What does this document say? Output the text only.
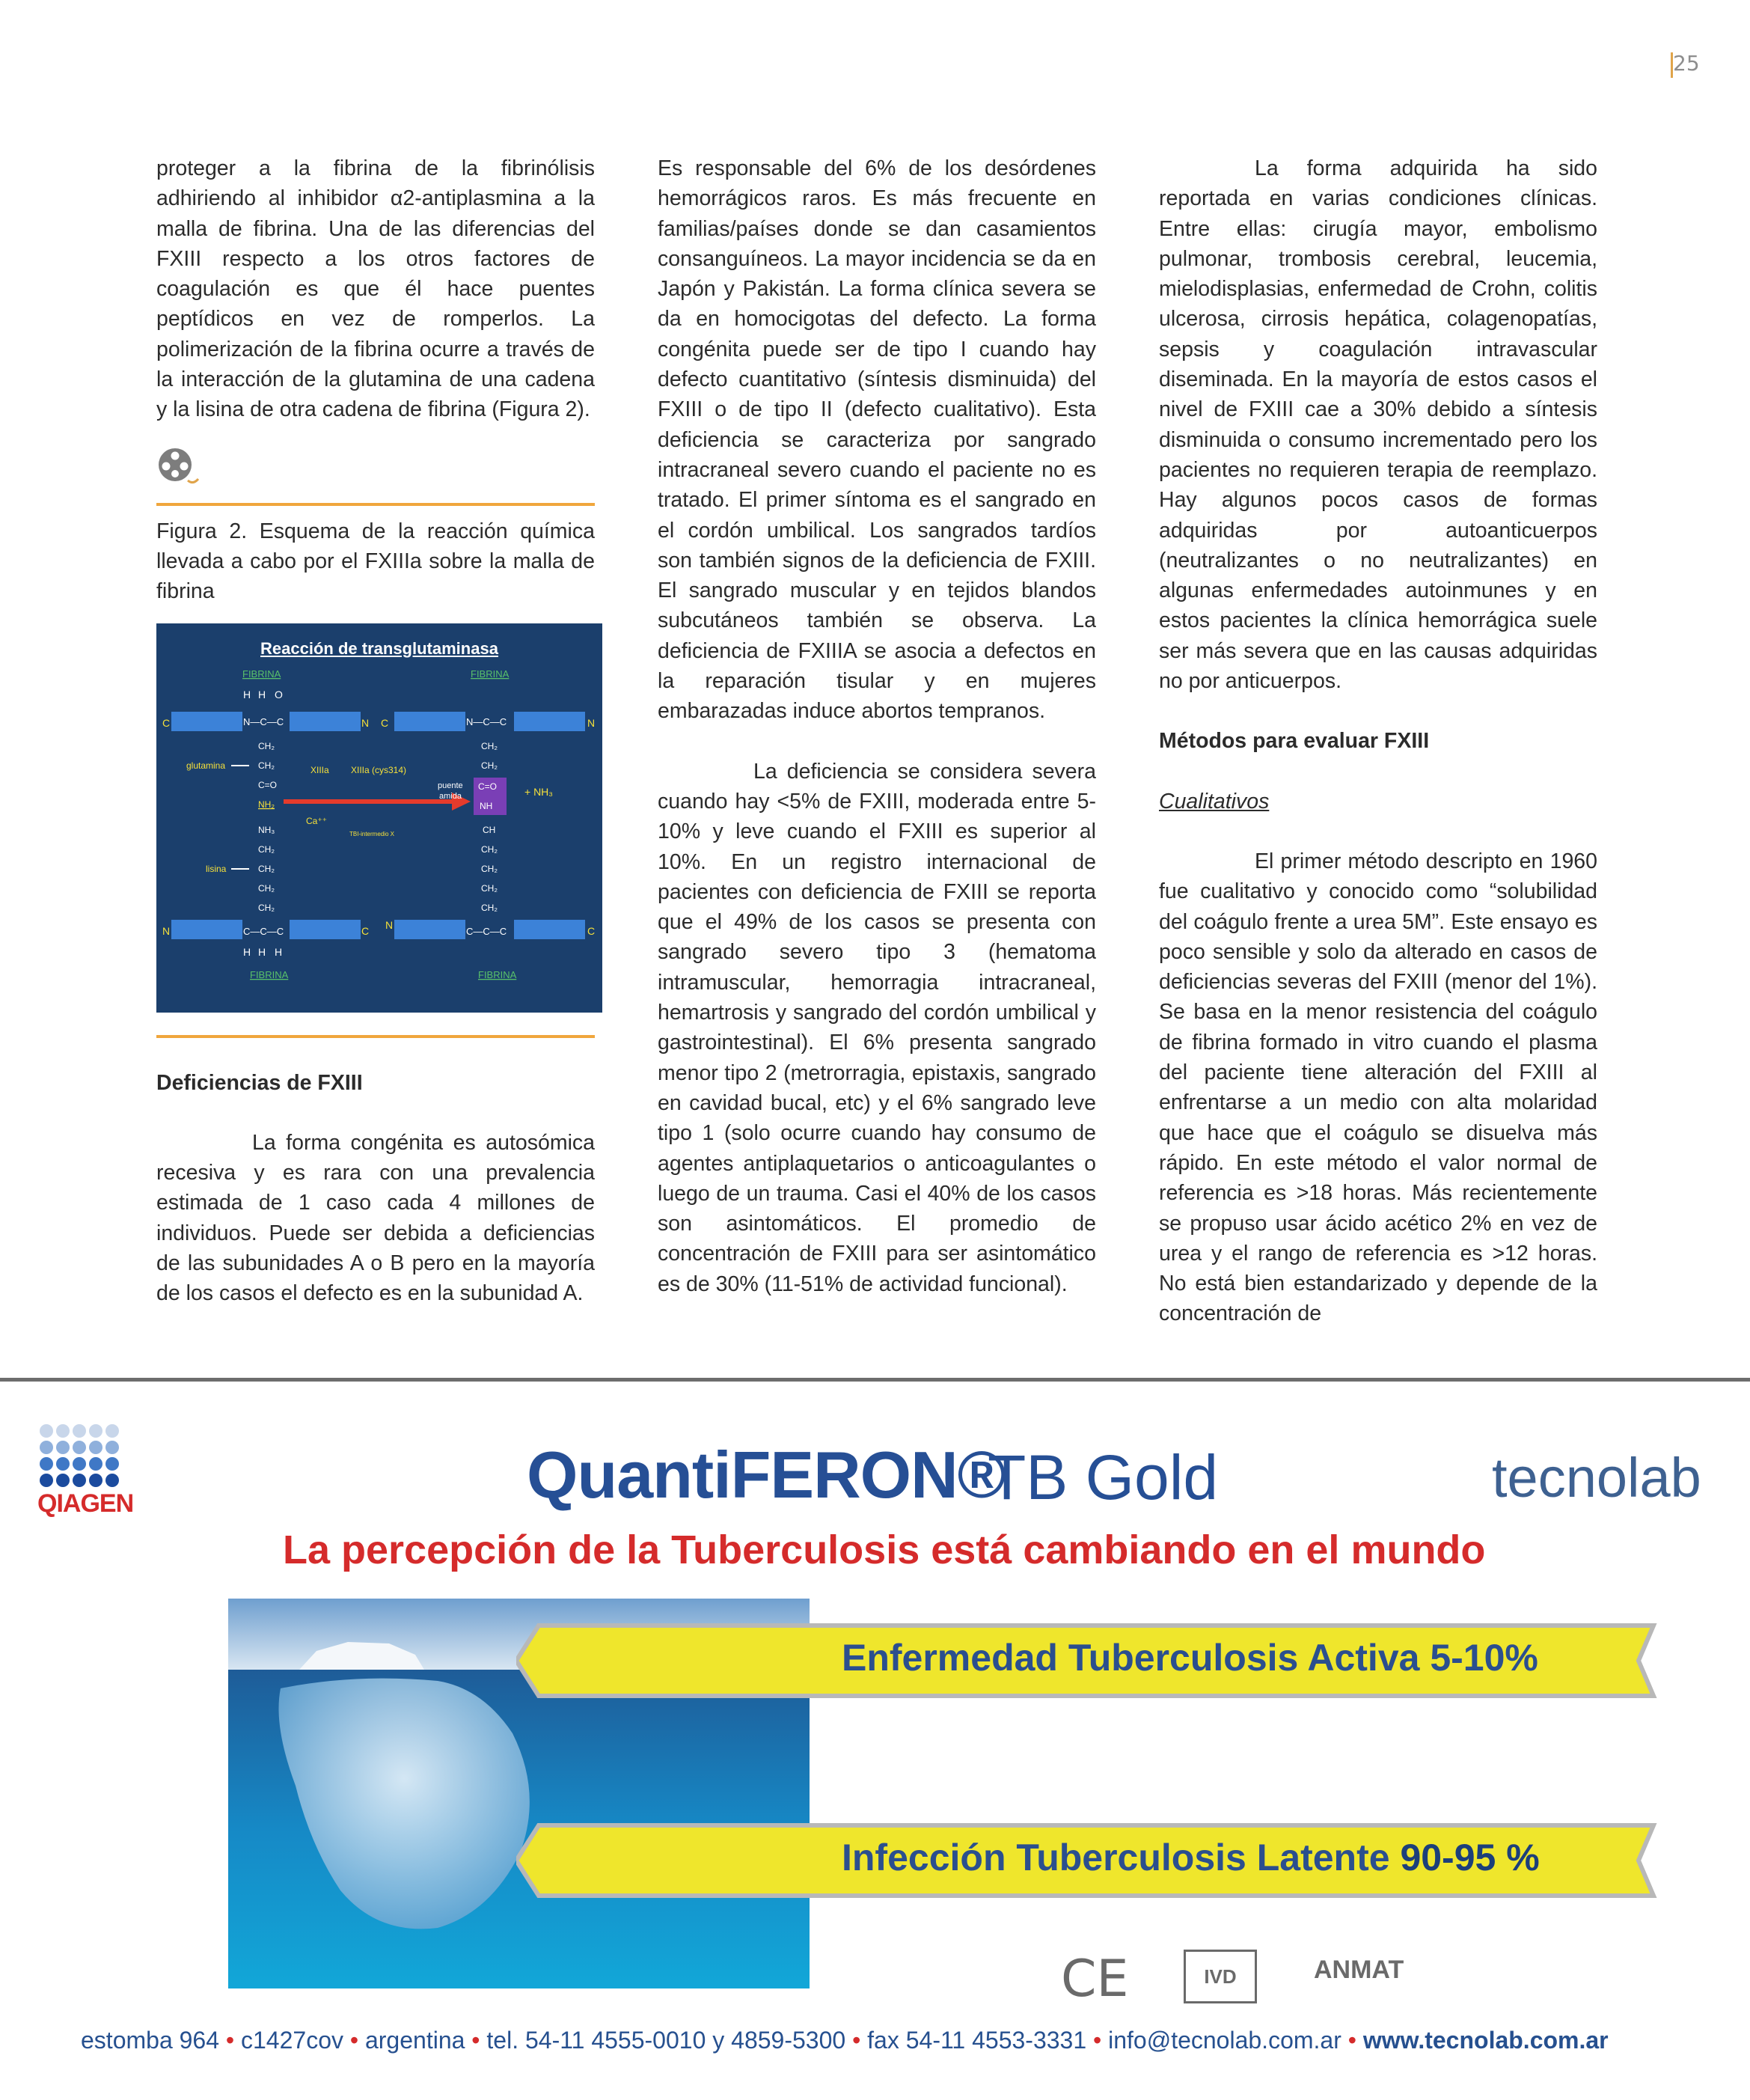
25

proteger a la fibrina de la fibrinólisis adhiriendo al inhibidor α2-antiplasmina a la malla de fibrina. Una de las diferencias del FXIII respecto a los otros factores de coagulación es que él hace puentes peptídicos en vez de romperlos. La polimerización de la fibrina ocurre a través de la interacción de la glutamina de una cadena y la lisina de otra cadena de fibrina (Figura 2).

Figura 2. Esquema de la reacción química llevada a cabo por el FXIIIa sobre la malla de fibrina

Reacción de transglutaminasa
FIBRINA
C
H H O
N—C—C	N C
CH₂
glutamina	CH₂
C=O
NH₂
XIIIa XIIIa (cys314)
Ca⁺⁺
TBI-intermedio X
NH₃
CH₂
lisina	CH₂
CH₂
CH₂
N	C—C—C	C
H H H
FIBRINA
FIBRINA
N—C—C	N
CH₂
CH₂
C=O
NH
puente
amida	+ NH₃
CH
CH₂
CH₂
CH₂
CH₂
N
C—C—C	C
FIBRINA

Deficiencias de FXIII

La forma congénita es autosómica recesiva y es rara con una prevalencia estimada de 1 caso cada 4 millones de individuos. Puede ser debida a deficiencias de las subunidades A o B pero en la mayoría de los casos el defecto es en la subunidad A.

Es responsable del 6% de los desórdenes hemorrágicos raros. Es más frecuente en familias/países donde se dan casamientos consanguíneos. La mayor incidencia se da en Japón y Pakistán. La forma clínica severa se da en homocigotas del defecto. La forma congénita puede ser de tipo I cuando hay defecto cuantitativo (síntesis disminuida) del FXIII o de tipo II (defecto cualitativo). Esta deficiencia se caracteriza por sangrado intracraneal severo cuando el paciente no es tratado. El primer síntoma es el sangrado en el cordón umbilical. Los sangrados tardíos son también signos de la deficiencia de FXIII. El sangrado muscular y en tejidos blandos subcutáneos también se observa. La deficiencia de FXIIIA se asocia a defectos en la reparación tisular y en mujeres embarazadas induce abortos tempranos.

La deficiencia se considera severa cuando hay <5% de FXIII, moderada entre 5-10% y leve cuando el FXIII es superior al 10%. En un registro internacional de pacientes con deficiencia de FXIII se reporta que el 49% de los casos se presenta con sangrado severo tipo 3 (hematoma intramuscular, hemorragia intracraneal, hemartrosis y sangrado del cordón umbilical y gastrointestinal). El 6% presenta sangrado menor tipo 2 (metrorragia, epistaxis, sangrado en cavidad bucal, etc) y el 6% sangrado leve tipo 1 (solo ocurre cuando hay consumo de agentes antiplaquetarios o anticoagulantes o luego de un trauma. Casi el 40% de los casos son asintomáticos. El promedio de concentración de FXIII para ser asintomático es de 30% (11-51% de actividad funcional).

La forma adquirida ha sido reportada en varias condiciones clínicas. Entre ellas: cirugía mayor, embolismo pulmonar, trombosis cerebral, leucemia, mielodisplasias, enfermedad de Crohn, colitis ulcerosa, cirrosis hepática, colagenopatías, sepsis y coagulación intravascular diseminada. En la mayoría de estos casos el nivel de FXIII cae a 30% debido a síntesis disminuida o consumo incrementado pero los pacientes no requieren terapia de reemplazo. Hay algunos pocos casos de formas adquiridas por autoanticuerpos (neutralizantes o no neutralizantes) en algunas enfermedades autoinmunes y en estos pacientes la clínica hemorrágica suele ser más severa que en las causas adquiridas no por anticuerpos.

Métodos para evaluar FXIII

Cualitativos

El primer método descripto en 1960 fue cualitativo y conocido como “solubilidad del coágulo frente a urea 5M”. Este ensayo es poco sensible y solo da alterado en casos de deficiencias severas del FXIII (menor del 1%). Se basa en la menor resistencia del coágulo de fibrina formado in vitro cuando el plasma del paciente tiene alteración del FXIII al enfrentarse a un medio con alta molaridad que hace que el coágulo se disuelva más rápido. En este método el valor normal de referencia es >18 horas. Más recientemente se propuso usar ácido acético 2% en vez de urea y el rango de referencia es >12 horas. No está bien estandarizado y depende de la concentración de

QIAGEN	QuantiFERON®
TB Gold	tecnolab
La percepción de la Tuberculosis está cambiando en el mundo
Enfermedad Tuberculosis Activa 5-10%
Infección Tuberculosis Latente 90-95 %
CE	IVD	ANMAT
estomba 964 • c1427cov • argentina • tel. 54-11 4555-0010 y 4859-5300 • fax 54-11 4553-3331 • info@tecnolab.com.ar • www.tecnolab.com.ar
